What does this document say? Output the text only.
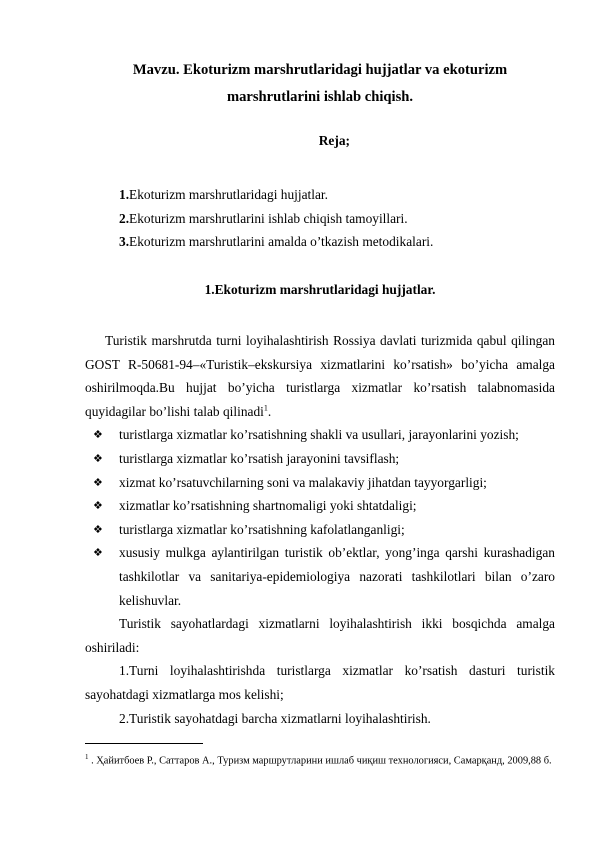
Mavzu. Ekoturizm marshrutlaridagi hujjatlar va ekoturizm
marshrutlarini ishlab chiqish.
Reja;
1.Ekoturizm marshrutlaridagi hujjatlar.
2.Ekoturizm marshrutlarini ishlab chiqish tamoyillari.
3.Ekoturizm marshrutlarini amalda o’tkazish metodikalari.
1.Ekoturizm marshrutlaridagi hujjatlar.

Turistik marshrutda turni loyihalashtirish Rossiya davlati turizmida qabul qilingan GOST R-50681-94–«Turistik–ekskursiya xizmatlarini ko’rsatish» bo’yicha amalga oshirilmoqda.Bu hujjat bo’yicha turistlarga xizmatlar ko’rsatish talabnomasida quyidagilar bo’lishi talab qilinadi$^1$.

❖ turistlarga xizmatlar ko’rsatishning shakli va usullari, jarayonlarini yozish;
❖ turistlarga xizmatlar ko’rsatish jarayonini tavsiflash;
❖ xizmat ko’rsatuvchilarning soni va malakaviy jihatdan tayyorgarligi;
❖ xizmatlar ko’rsatishning shartnomaligi yoki shtatdaligi;
❖ turistlarga xizmatlar ko’rsatishning kafolatlanganligi;
❖ xususiy mulkga aylantirilgan turistik ob’ektlar, yong’inga qarshi kurashadigan tashkilotlar va sanitariya-epidemiologiya nazorati tashkilotlari bilan o’zaro kelishuvlar.

Turistik sayohatlardagi xizmatlarni loyihalashtirish ikki bosqichda amalga oshiriladi:

1.Turni loyihalashtirishda turistlarga xizmatlar ko’rsatish dasturi turistik sayohatdagi xizmatlarga mos kelishi;

2.Turistik sayohatdagi barcha xizmatlarni loyihalashtirish.

$^1$ . Ҳайитбоев Р., Саттаров А., Туризм маршрутларини ишлаб чиқиш технологияси, Самарқанд, 2009,88 б.
